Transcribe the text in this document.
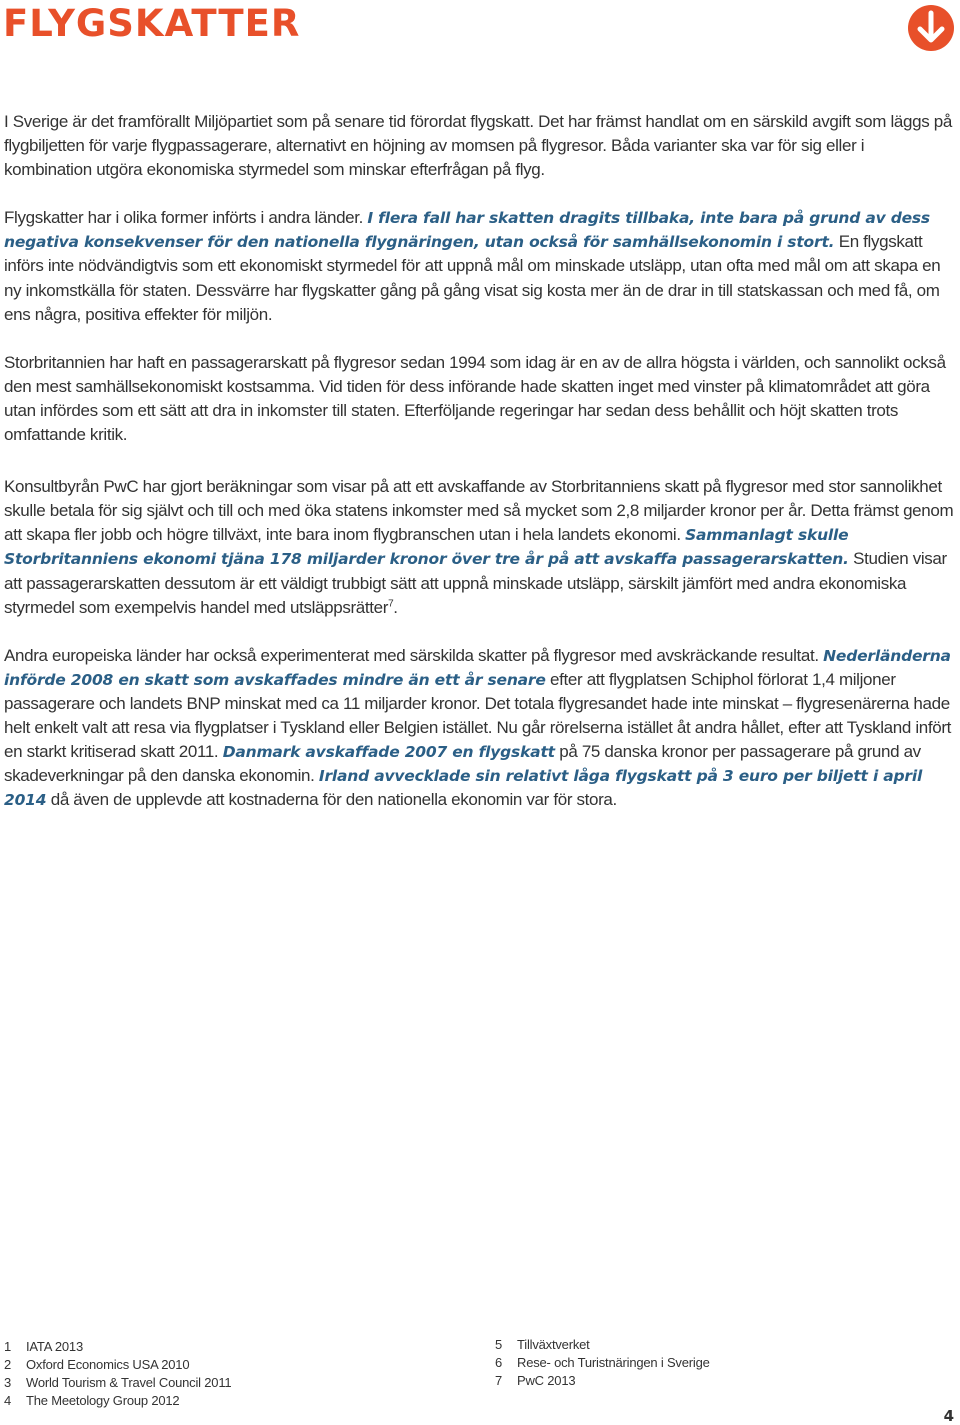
FLYGSKATTER

I Sverige är det framförallt Miljöpartiet som på senare tid förordat flygskatt. Det har främst handlat om en särskild avgift som läggs på flygbiljetten för varje flygpassagerare, alternativt en höjning av momsen på flygresor. Båda varianter ska var för sig eller i kombination utgöra ekonomiska styrmedel som minskar efterfrågan på flyg.

Flygskatter har i olika former införts i andra länder. I flera fall har skatten dragits tillbaka, inte bara på grund av dess negativa konsekvenser för den nationella flygnäringen, utan också för samhällsekonomin i stort. En flygskatt införs inte nödvändigtvis som ett ekonomiskt styrmedel för att uppnå mål om minskade utsläpp, utan ofta med mål om att skapa en ny inkomstkälla för staten. Dessvärre har flygskatter gång på gång visat sig kosta mer än de drar in till statskassan och med få, om ens några, positiva effekter för miljön.

Storbritannien har haft en passagerarskatt på flygresor sedan 1994 som idag är en av de allra högsta i världen, och sannolikt också den mest samhällsekonomiskt kostsamma. Vid tiden för dess införande hade skatten inget med vinster på klimatområdet att göra utan infördes som ett sätt att dra in inkomster till staten. Efterföljande regeringar har sedan dess behållit och höjt skatten trots omfattande kritik.

Konsultbyrån PwC har gjort beräkningar som visar på att ett avskaffande av Storbritanniens skatt på flygresor med stor sannolikhet skulle betala för sig självt och till och med öka statens inkomster med så mycket som 2,8 miljarder kronor per år. Detta främst genom att skapa fler jobb och högre tillväxt, inte bara inom flygbranschen utan i hela landets ekonomi. Sammanlagt skulle Storbritanniens ekonomi tjäna 178 miljarder kronor över tre år på att avskaffa passagerarskatten. Studien visar att passagerarskatten dessutom är ett väldigt trubbigt sätt att uppnå minskade utsläpp, särskilt jämfört med andra ekonomiska styrmedel som exempelvis handel med utsläppsrätter$^7$.

Andra europeiska länder har också experimenterat med särskilda skatter på flygresor med avskräckande resultat. Nederländerna införde 2008 en skatt som avskaffades mindre än ett år senare efter att flygplatsen Schiphol förlorat 1,4 miljoner passagerare och landets BNP minskat med ca 11 miljarder kronor. Det totala flygresandet hade inte minskat – flygresenärerna hade helt enkelt valt att resa via flygplatser i Tyskland eller Belgien istället. Nu går rörelserna istället åt andra hållet, efter att Tyskland infört en starkt kritiserad skatt 2011. Danmark avskaffade 2007 en flygskatt på 75 danska kronor per passagerare på grund av skadeverkningar på den danska ekonomin. Irland avvecklade sin relativt låga flygskatt på 3 euro per biljett i april 2014 då även de upplevde att kostnaderna för den nationella ekonomin var för stora.

1	IATA 2013
2	Oxford Economics USA 2010
3	World Tourism & Travel Council 2011
4	The Meetology Group 2012
5	Tillväxtverket
6	Rese- och Turistnäringen i Sverige
7	PwC 2013
4
